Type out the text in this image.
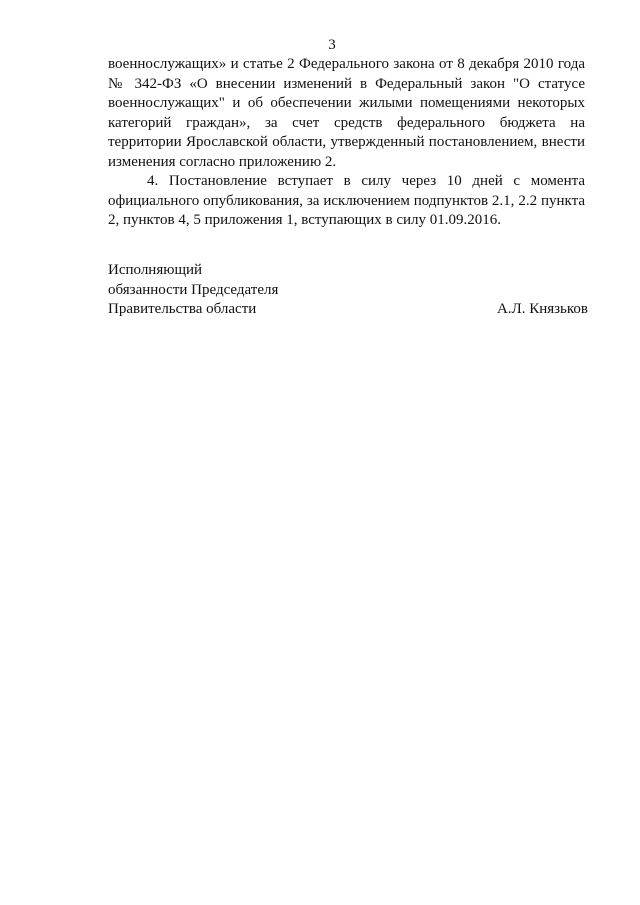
3

военнослужащих» и статье 2 Федерального закона от 8 декабря 2010 года № 342-ФЗ «О внесении изменений в Федеральный закон "О статусе военнослужащих" и об обеспечении жилыми помещениями некоторых категорий граждан», за счет средств федерального бюджета на территории Ярославской области, утвержденный постановлением, внести изменения согласно приложению 2.

4. Постановление вступает в силу через 10 дней с момента официального опубликования, за исключением подпунктов 2.1, 2.2 пункта 2, пунктов 4, 5 приложения 1, вступающих в силу 01.09.2016.

Исполняющий
обязанности Председателя
Правительства области	А.Л. Князьков
